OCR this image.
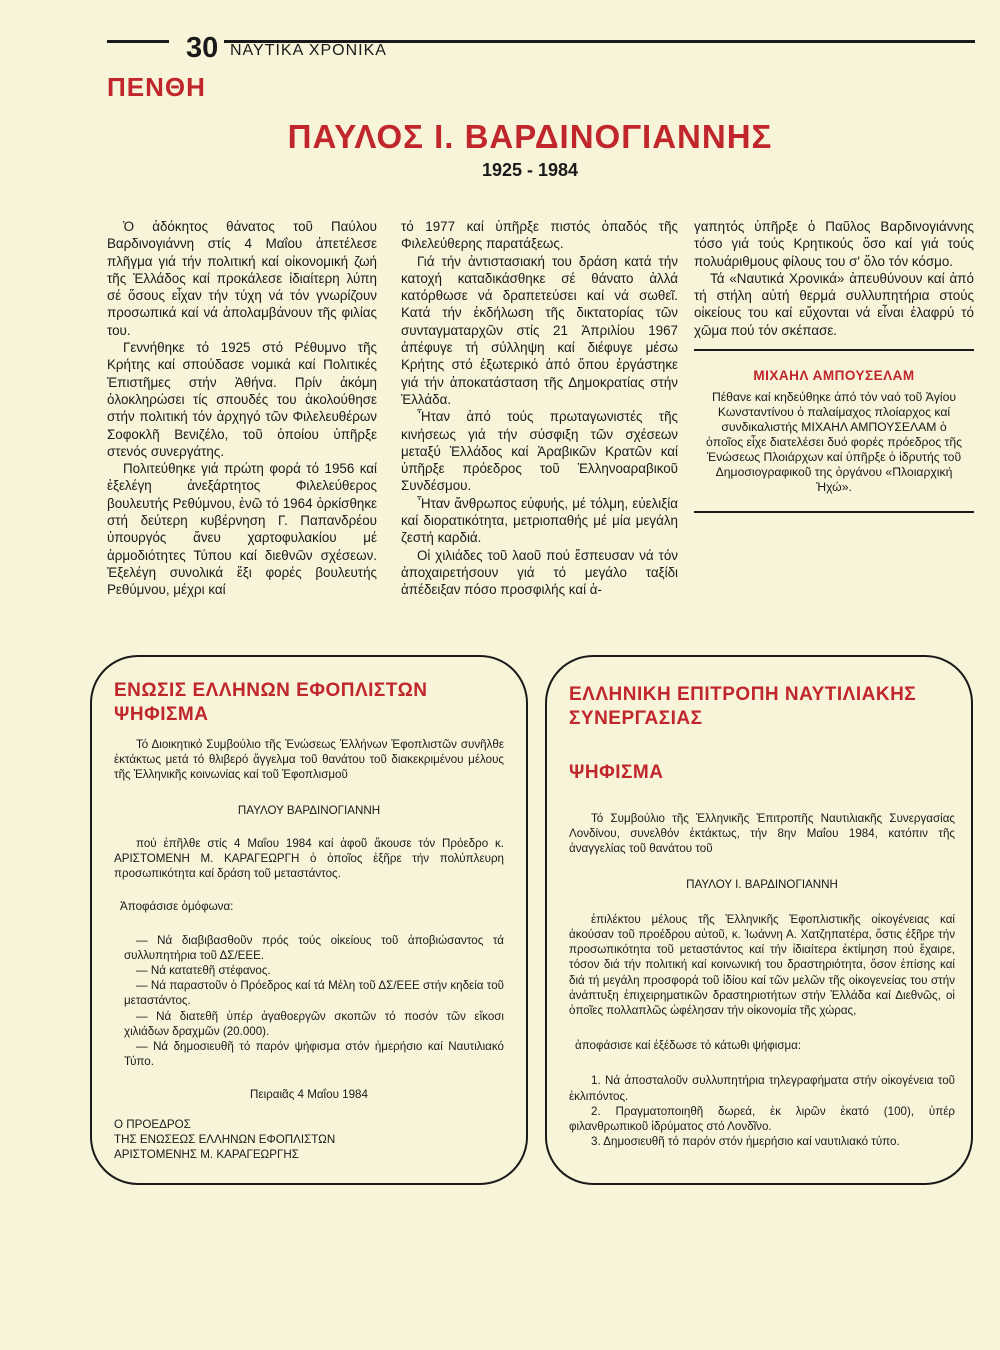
30 ΝΑΥΤΙΚΑ ΧΡΟΝΙΚΑ
ΠΕΝΘΗ
ΠΑΥΛΟΣ Ι. ΒΑΡΔΙΝΟΓΙΑΝΝΗΣ
1925 - 1984

Ὁ ἀδόκητος θάνατος τοῦ Παύλου Βαρδινογιάννη στίς 4 Μαΐου ἀπετέλεσε πλῆγμα γιά τήν πολιτική καί οἰκονομική ζωή τῆς Ἑλλάδος καί προκάλεσε ἰδιαίτερη λύπη σέ ὅσους εἶχαν τήν τύχη νά τόν γνωρίζουν προσωπικά καί νά ἀπολαμβάνουν τῆς φιλίας του.

Γεννήθηκε τό 1925 στό Ρέθυμνο τῆς Κρήτης καί σπούδασε νομικά καί Πολιτικές Ἐπιστῆμες στήν Ἀθήνα. Πρίν ἀκόμη ὁλοκληρώσει τίς σπουδές του ἀκολούθησε στήν πολιτική τόν ἀρχηγό τῶν Φιλελευθέρων Σοφοκλῆ Βενιζέλο, τοῦ ὁποίου ὑπῆρξε στενός συνεργάτης.

Πολιτεύθηκε γιά πρώτη φορά τό 1956 καί ἐξελέγη ἀνεξάρτητος Φιλελεύθερος βουλευτής Ρεθύμνου, ἐνῶ τό 1964 ὁρκίσθηκε στή δεύτερη κυβέρνηση Γ. Παπανδρέου ὑπουργός ἄνευ χαρτοφυλακίου μέ ἁρμοδιότητες Τύπου καί διεθνῶν σχέσεων. Ἐξελέγη συνολικά ἕξι φορές βουλευτής Ρεθύμνου, μέχρι καί

τό 1977 καί ὑπῆρξε πιστός ὀπαδός τῆς Φιλελεύθερης παρατάξεως.

Γιά τήν ἀντιστασιακή του δράση κατά τήν κατοχή καταδικάσθηκε σέ θάνατο ἀλλά κατόρθωσε νά δραπετεύσει καί νά σωθεῖ. Κατά τήν ἐκδήλωση τῆς δικτατορίας τῶν συνταγματαρχῶν στίς 21 Ἀπριλίου 1967 ἀπέφυγε τή σύλληψη καί διέφυγε μέσω Κρήτης στό ἐξωτερικό ἀπό ὅπου ἐργάστηκε γιά τήν ἀποκατάσταση τῆς Δημοκρατίας στήν Ἑλλάδα.

Ἦταν ἀπό τούς πρωταγωνιστές τῆς κινήσεως γιά τήν σύσφιξη τῶν σχέσεων μεταξύ Ἑλλάδος καί Ἀραβικῶν Κρατῶν καί ὑπῆρξε πρόεδρος τοῦ Ἑλληνοαραβικοῦ Συνδέσμου.

Ἦταν ἄνθρωπος εὐφυής, μέ τόλμη, εὐελιξία καί διορατικότητα, μετριοπαθής μέ μία μεγάλη ζεστή καρδιά.

Οἱ χιλιάδες τοῦ λαοῦ πού ἔσπευσαν νά τόν ἀποχαιρετήσουν γιά τό μεγάλο ταξίδι ἀπέδειξαν πόσο προσφιλής καί ἀ-

γαπητός ὑπῆρξε ὁ Παῦλος Βαρδινογιάννης τόσο γιά τούς Κρητικούς ὅσο καί γιά τούς πολυάριθμους φίλους του σ' ὅλο τόν κόσμο.

Τά «Ναυτικά Χρονικά» ἀπευθύνουν καί ἀπό τή στήλη αὐτή θερμά συλλυπητήρια στούς οἰκείους του καί εὔχονται νά εἶναι ἐλαφρύ τό χῶμα πού τόν σκέπασε.

ΜΙΧΑΗΛ ΑΜΠΟΥΣΕΛΑΜ
Πέθανε καί κηδεύθηκε ἀπό τόν ναό τοῦ Ἁγίου Κωνσταντίνου ὁ παλαίμαχος πλοίαρχος καί συνδικαλιστής ΜΙΧΑΗΛ ΑΜΠΟΥΣΕΛΑΜ ὁ ὁποῖος εἶχε διατελέσει δυό φορές πρόεδρος τῆς Ἑνώσεως Πλοιάρχων καί ὑπῆρξε ὁ ἱδρυτής τοῦ Δημοσιογραφικοῦ της ὀργάνου «Πλοιαρχική Ἠχώ».

ΕΝΩΣΙΣ ΕΛΛΗΝΩΝ ΕΦΟΠΛΙΣΤΩΝ

ΨΗΦΙΣΜΑ

Τό Διοικητικό Συμβούλιο τῆς Ἑνώσεως Ἑλλήνων Ἐφοπλιστῶν συνῆλθε ἐκτάκτως μετά τό θλιβερό ἄγγελμα τοῦ θανάτου τοῦ διακεκριμένου μέλους τῆς Ἑλληνικῆς κοινωνίας καί τοῦ Ἐφοπλισμοῦ

ΠΑΥΛΟΥ ΒΑΡΔΙΝΟΓΙΑΝΝΗ

πού ἐπῆλθε στίς 4 Μαΐου 1984 καί ἀφοῦ ἄκουσε τόν Πρόεδρο κ. ΑΡΙΣΤΟΜΕΝΗ Μ. ΚΑΡΑΓΕΩΡΓΗ ὁ ὁποῖος ἐξῆρε τήν πολύπλευρη προσωπικότητα καί δράση τοῦ μεταστάντος.

Ἀποφάσισε ὁμόφωνα:

— Νά διαβιβασθοῦν πρός τούς οἰκείους τοῦ ἀποβιώσαντος τά συλλυπητήρια τοῦ ΔΣ/ΕΕΕ.

— Νά κατατεθῆ στέφανος.

— Νά παραστοῦν ὁ Πρόεδρος καί τά Μέλη τοῦ ΔΣ/ΕΕΕ στήν κηδεία τοῦ μεταστάντος.

— Νά διατεθῆ ὑπέρ ἀγαθοεργῶν σκοπῶν τό ποσόν τῶν εἴκοσι χιλιάδων δραχμῶν (20.000).

— Νά δημοσιευθῆ τό παρόν ψήφισμα στόν ἡμερήσιο καί Ναυτιλιακό Τύπο.

Πειραιᾶς 4 Μαΐου 1984

Ο ΠΡΟΕΔΡΟΣ

ΤΗΣ ΕΝΩΣΕΩΣ ΕΛΛΗΝΩΝ ΕΦΟΠΛΙΣΤΩΝ

ΑΡΙΣΤΟΜΕΝΗΣ Μ. ΚΑΡΑΓΕΩΡΓΗΣ

ΕΛΛΗΝΙΚΗ ΕΠΙΤΡΟΠΗ ΝΑΥΤΙΛΙΑΚΗΣ

ΣΥΝΕΡΓΑΣΙΑΣ

ΨΗΦΙΣΜΑ

Τό Συμβούλιο τῆς Ἑλληνικῆς Ἐπιτροπῆς Ναυτιλιακῆς Συνεργασίας Λονδίνου, συνελθόν ἐκτάκτως, τήν 8ην Μαΐου 1984, κατόπιν τῆς ἀναγγελίας τοῦ θανάτου τοῦ

ΠΑΥΛΟΥ Ι. ΒΑΡΔΙΝΟΓΙΑΝΝΗ

ἐπιλέκτου μέλους τῆς Ἑλληνικῆς Ἐφοπλιστικῆς οἰκογένειας καί ἀκούσαν τοῦ προέδρου αὐτοῦ, κ. Ἰωάννη Α. Χατζηπατέρα, ὅστις ἐξῆρε τήν προσωπικότητα τοῦ μεταστάντος καί τήν ἰδιαίτερα ἐκτίμηση πού ἔχαιρε, τόσον διά τήν πολιτική καί κοινωνική του δραστηριότητα, ὅσον ἐπίσης καί διά τή μεγάλη προσφορά τοῦ ἰδίου καί τῶν μελῶν τῆς οἰκογενείας του στήν ἀνάπτυξη ἐπιχειρηματικῶν δραστηριοτήτων στήν Ἑλλάδα καί Διεθνῶς, οἱ ὁποῖες πολλαπλῶς ὠφέλησαν τήν οἰκονομία τῆς χώρας,

ἀποφάσισε καί ἐξέδωσε τό κάτωθι ψήφισμα:

1. Νά ἀποσταλοῦν συλλυπητήρια τηλεγραφήματα στήν οἰκογένεια τοῦ ἐκλιπόντος.

2. Πραγματοποιηθῆ δωρεά, ἐκ λιρῶν ἑκατό (100), ὑπέρ φιλανθρωπικοῦ ἱδρύματος στό Λονδῖνο.

3. Δημοσιευθῆ τό παρόν στόν ἡμερήσιο καί ναυτιλιακό τύπο.
